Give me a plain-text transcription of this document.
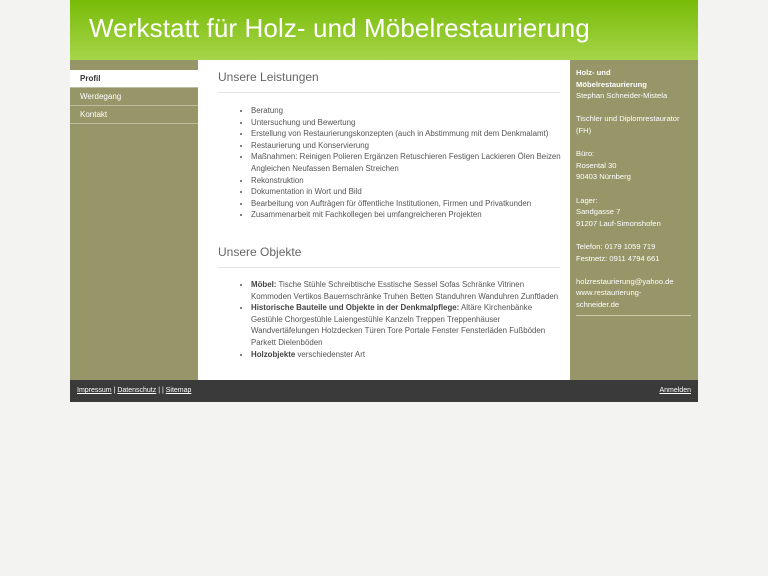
Werkstatt für Holz- und Möbelrestaurierung
Profil
Werdegang
Kontakt
Unsere Leistungen
• Beratung
• Untersuchung und Bewertung
• Erstellung von Restaurierungskonzepten (auch in Abstimmung mit dem Denkmalamt)
• Restaurierung und Konservierung
• Maßnahmen: Reinigen Polieren Ergänzen Retuschieren Festigen Lackieren Ölen Beizen Angleichen Neufassen Bemalen Streichen
• Rekonstruktion
• Dokumentation in Wort und Bild
• Bearbeitung von Aufträgen für öffentliche Institutionen, Firmen und Privatkunden
• Zusammenarbeit mit Fachkollegen bei umfangreicheren Projekten
Unsere Objekte
• Möbel: Tische Stühle Schreibtische Esstische Sessel Sofas Schränke Vitrinen Kommoden Vertikos Bauernschränke Truhen Betten Standuhren Wanduhren Zunftladen
• Historische Bauteile und Objekte in der Denkmalpflege: Altäre Kirchenbänke Gestühle Chorgestühle Laiengestühle Kanzeln Treppen Treppenhäuser Wandvertäfelungen Holzdecken Türen Tore Portale Fenster Fensterläden Fußböden Parkett Dielenböden
• Holzobjekte verschiedenster Art

Holz- und
Möbelrestaurierung
Stephan Schneider-Mistela

Tischler und Diplomrestaurator
(FH)

Büro:
Rosental 30
90403 Nürnberg

Lager:
Sandgasse 7
91207 Lauf-Simonshofen

Telefon: 0179 1059 719
Festnetz: 0911 4794 661

holzrestaurierung@yahoo.de
www.restaurierung-
schneider.de

Impressum | Datenschutz | | Sitemap	Anmelden
